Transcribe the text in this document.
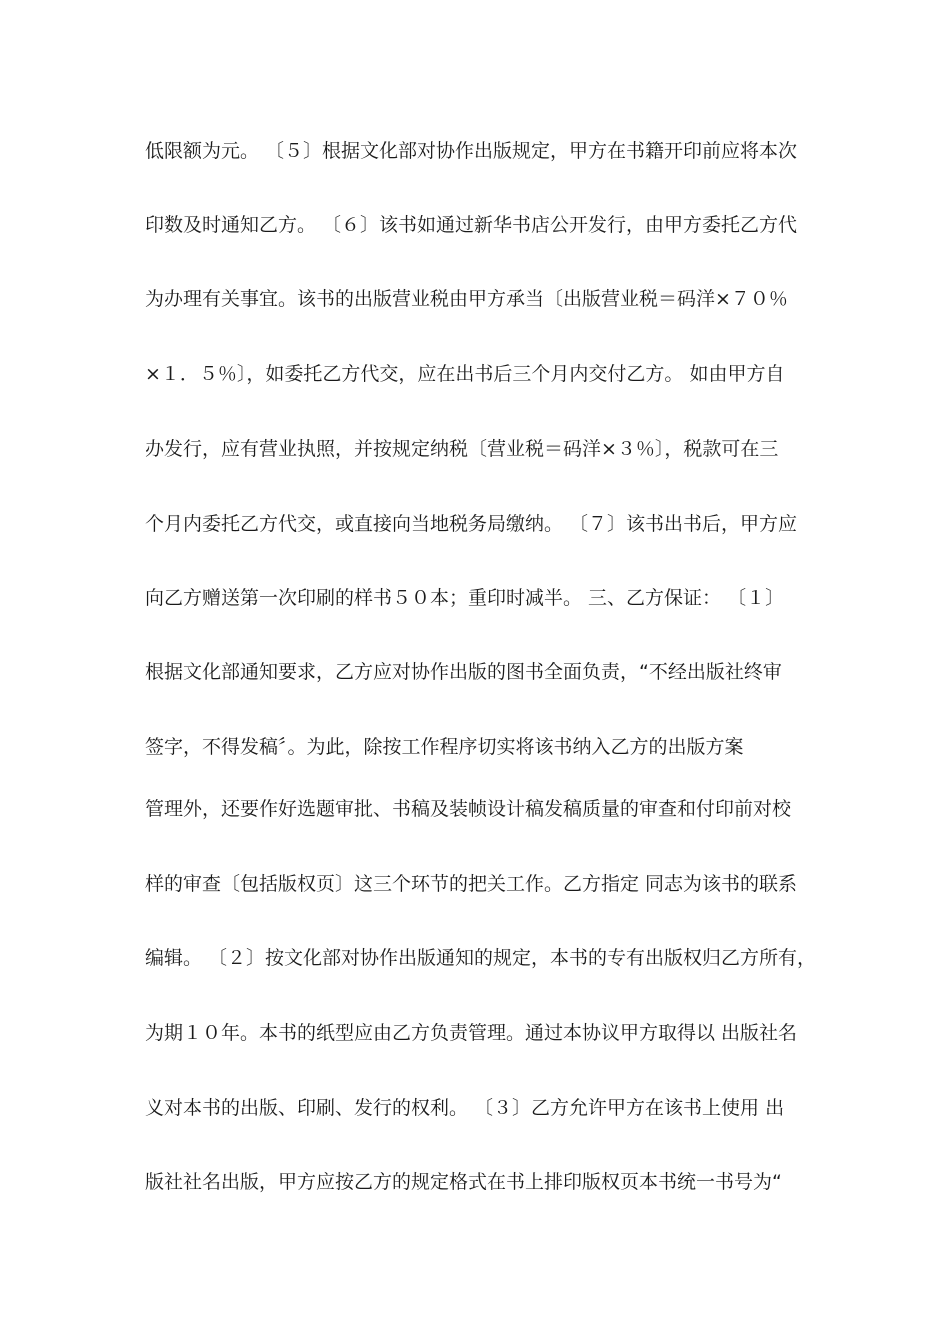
低限额为元。 〔５〕根据文化部对协作出版规定，甲方在书籍开印前应将本次

印数及时通知乙方。 〔６〕该书如通过新华书店公开发行，由甲方委托乙方代

为办理有关事宜。该书的出版营业税由甲方承当〔出版营业税＝码洋×７０％

×１．５％〕，如委托乙方代交，应在出书后三个月内交付乙方。 如由甲方自

办发行，应有营业执照，并按规定纳税〔营业税＝码洋×３％〕，税款可在三

个月内委托乙方代交，或直接向当地税务局缴纳。 〔７〕该书出书后，甲方应

向乙方赠送第一次印刷的样书５０本；重印时减半。 三、乙方保证： 〔１〕

根据文化部通知要求，乙方应对协作出版的图书全面负责，“不经出版社终审

签字，不得发稿〞。为此，除按工作程序切实将该书纳入乙方的出版方案

管理外，还要作好选题审批、书稿及装帧设计稿发稿质量的审查和付印前对校

样的审查〔包括版权页〕这三个环节的把关工作。乙方指定 同志为该书的联系

编辑。 〔２〕按文化部对协作出版通知的规定，本书的专有出版权归乙方所有，

为期１０年。本书的纸型应由乙方负责管理。通过本协议甲方取得以 出版社名

义对本书的出版、印刷、发行的权利。 〔３〕乙方允许甲方在该书上使用 出

版社社名出版，甲方应按乙方的规定格式在书上排印版权页本书统一书号为“
